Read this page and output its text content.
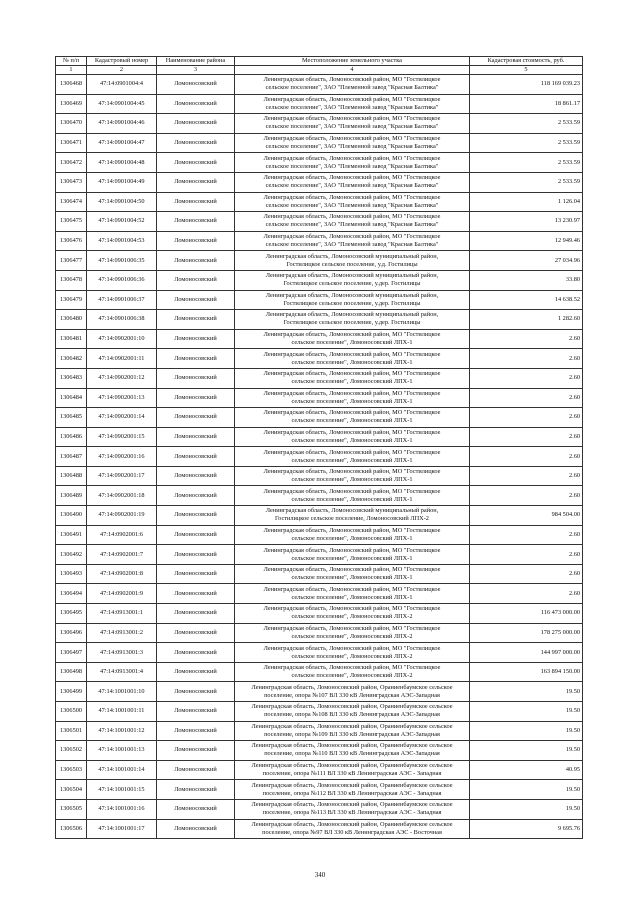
№ п/п	Кадастровый номер	Наименование района	Местоположение земельного участка	Кадастровая стоимость, руб.
1	2	3	4	5
1306468	47:14:0901004:4	Ломоносовский	Ленинградская область, Ломоносовский район, МО "Гостилицкое
сельское поселение", ЗАО "Племенной завод "Красная Балтика"	118 169 039.23
1306469	47:14:0901004:45	Ломоносовский	Ленинградская область, Ломоносовский район, МО "Гостилицкое
сельское поселение", ЗАО "Племенной завод "Красная Балтика"	18 861.17
1306470	47:14:0901004:46	Ломоносовский	Ленинградская область, Ломоносовский район, МО "Гостилицкое
сельское поселение", ЗАО "Племенной завод "Красная Балтика"	2 533.59
1306471	47:14:0901004:47	Ломоносовский	Ленинградская область, Ломоносовский район, МО "Гостилицкое
сельское поселение", ЗАО "Племенной завод "Красная Балтика"	2 533.59
1306472	47:14:0901004:48	Ломоносовский	Ленинградская область, Ломоносовский район, МО "Гостилицкое
сельское поселение", ЗАО "Племенной завод "Красная Балтика"	2 533.59
1306473	47:14:0901004:49	Ломоносовский	Ленинградская область, Ломоносовский район, МО "Гостилицкое
сельское поселение", ЗАО "Племенной завод "Красная Балтика"	2 533.59
1306474	47:14:0901004:50	Ломоносовский	Ленинградская область, Ломоносовский район, МО "Гостилицкое
сельское поселение", ЗАО "Племенной завод "Красная Балтика"	1 126.04
1306475	47:14:0901004:52	Ломоносовский	Ленинградская область, Ломоносовский район, МО "Гостилицкое
сельское поселение", ЗАО "Племенной завод "Красная Балтика"	13 230.97
1306476	47:14:0901004:53	Ломоносовский	Ленинградская область, Ломоносовский район, МО "Гостилицкое
сельское поселение", ЗАО "Племенной завод "Красная Балтика"	12 949.46
1306477	47:14:0901006:35	Ломоносовский	Ленинградская область, Ломоносовский муниципальный район,
Гостилицкое сельское поселение, у.д. Гостилицы	27 034.96
1306478	47:14:0901006:36	Ломоносовский	Ленинградская область, Ломоносовский муниципальный район,
Гостилицкое сельское поселение, у.дер. Гостилицы	33.80
1306479	47:14:0901006:37	Ломоносовский	Ленинградская область, Ломоносовский муниципальный район,
Гостилицкое сельское поселение, у.дер. Гостилицы	14 638.52
1306480	47:14:0901006:38	Ломоносовский	Ленинградская область, Ломоносовский муниципальный район,
Гостилицкое сельское поселение, у.дер. Гостилицы	1 282.60
1306481	47:14:0902001:10	Ломоносовский	Ленинградская область, Ломоносовский район, МО "Гостилицкое
сельское поселение", Ломоносовский ЛПХ-1	2.60
1306482	47:14:0902001:11	Ломоносовский	Ленинградская область, Ломоносовский район, МО "Гостилицкое
сельское поселение", Ломоносовский ЛПХ-1	2.60
1306483	47:14:0902001:12	Ломоносовский	Ленинградская область, Ломоносовский район, МО "Гостилицкое
сельское поселение", Ломоносовский ЛПХ-1	2.60
1306484	47:14:0902001:13	Ломоносовский	Ленинградская область, Ломоносовский район, МО "Гостилицкое
сельское поселение", Ломоносовский ЛПХ-1	2.60
1306485	47:14:0902001:14	Ломоносовский	Ленинградская область, Ломоносовский район, МО "Гостилицкое
сельское поселение", Ломоносовский ЛПХ-1	2.60
1306486	47:14:0902001:15	Ломоносовский	Ленинградская область, Ломоносовский район, МО "Гостилицкое
сельское поселение", Ломоносовский ЛПХ-1	2.60
1306487	47:14:0902001:16	Ломоносовский	Ленинградская область, Ломоносовский район, МО "Гостилицкое
сельское поселение", Ломоносовский ЛПХ-1	2.60
1306488	47:14:0902001:17	Ломоносовский	Ленинградская область, Ломоносовский район, МО "Гостилицкое
сельское поселение", Ломоносовский ЛПХ-1	2.60
1306489	47:14:0902001:18	Ломоносовский	Ленинградская область, Ломоносовский район, МО "Гостилицкое
сельское поселение", Ломоносовский ЛПХ-1	2.60
1306490	47:14:0902001:19	Ломоносовский	Ленинградская область, Ломоносовский муниципальный район,
Гостилицкое сельское поселение, Ломоносовский ЛПХ-2	984 504.00
1306491	47:14:0902001:6	Ломоносовский	Ленинградская область, Ломоносовский район, МО "Гостилицкое
сельское поселение", Ломоносовский ЛПХ-1	2.60
1306492	47:14:0902001:7	Ломоносовский	Ленинградская область, Ломоносовский район, МО "Гостилицкое
сельское поселение", Ломоносовский ЛПХ-1	2.60
1306493	47:14:0902001:8	Ломоносовский	Ленинградская область, Ломоносовский район, МО "Гостилицкое
сельское поселение", Ломоносовский ЛПХ-1	2.60
1306494	47:14:0902001:9	Ломоносовский	Ленинградская область, Ломоносовский район, МО "Гостилицкое
сельское поселение", Ломоносовский ЛПХ-1	2.60
1306495	47:14:0913001:1	Ломоносовский	Ленинградская область, Ломоносовский район, МО "Гостилицкое
сельское поселение", Ломоносовский ЛПХ-2	116 473 000.00
1306496	47:14:0913001:2	Ломоносовский	Ленинградская область, Ломоносовский район, МО "Гостилицкое
сельское поселение", Ломоносовский ЛПХ-2	178 275 000.00
1306497	47:14:0913001:3	Ломоносовский	Ленинградская область, Ломоносовский район, МО "Гостилицкое
сельское поселение", Ломоносовский ЛПХ-2	144 997 000.00
1306498	47:14:0913001:4	Ломоносовский	Ленинградская область, Ломоносовский район, МО "Гостилицкое
сельское поселение", Ломоносовский ЛПХ-2	163 894 150.00
1306499	47:14:1001001:10	Ломоносовский	Ленинградская область, Ломоносовский район, Ораниенбаумское сельское
поселение, опора №107 ВЛ 330 кВ Ленинградская АЭС-Западная	19.50
1306500	47:14:1001001:11	Ломоносовский	Ленинградская область, Ломоносовский район, Ораниенбаумское сельское
поселение, опора №108 ВЛ 330 кВ Ленинградская АЭС-Западная	19.50
1306501	47:14:1001001:12	Ломоносовский	Ленинградская область, Ломоносовский район, Ораниенбаумское сельское
поселение, опора №109 ВЛ 330 кВ Ленинградская АЭС-Западная	19.50
1306502	47:14:1001001:13	Ломоносовский	Ленинградская область, Ломоносовский район, Ораниенбаумское сельское
поселение, опора №110 ВЛ 330 кВ Ленинградская АЭС-Западная	19.50
1306503	47:14:1001001:14	Ломоносовский	Ленинградская область, Ломоносовский район, Ораниенбаумское сельское
поселение, опора №111 ВЛ 330 кВ Ленинградская АЭС - Западная	40.95
1306504	47:14:1001001:15	Ломоносовский	Ленинградская область, Ломоносовский район, Ораниенбаумское сельское
поселение, опора №112 ВЛ 330 кВ Ленинградская АЭС - Западная	19.50
1306505	47:14:1001001:16	Ломоносовский	Ленинградская область, Ломоносовский район, Ораниенбаумское сельское
поселение, опора №113 ВЛ 330 кВ Ленинградская АЭС - Западная	19.50
1306506	47:14:1001001:17	Ломоносовский	Ленинградская область, Ломоносовский район, Ораниенбаумское сельское
поселение, опора №97 ВЛ 330 кВ Ленинградская АЭС - Восточная	9 695.76
340
